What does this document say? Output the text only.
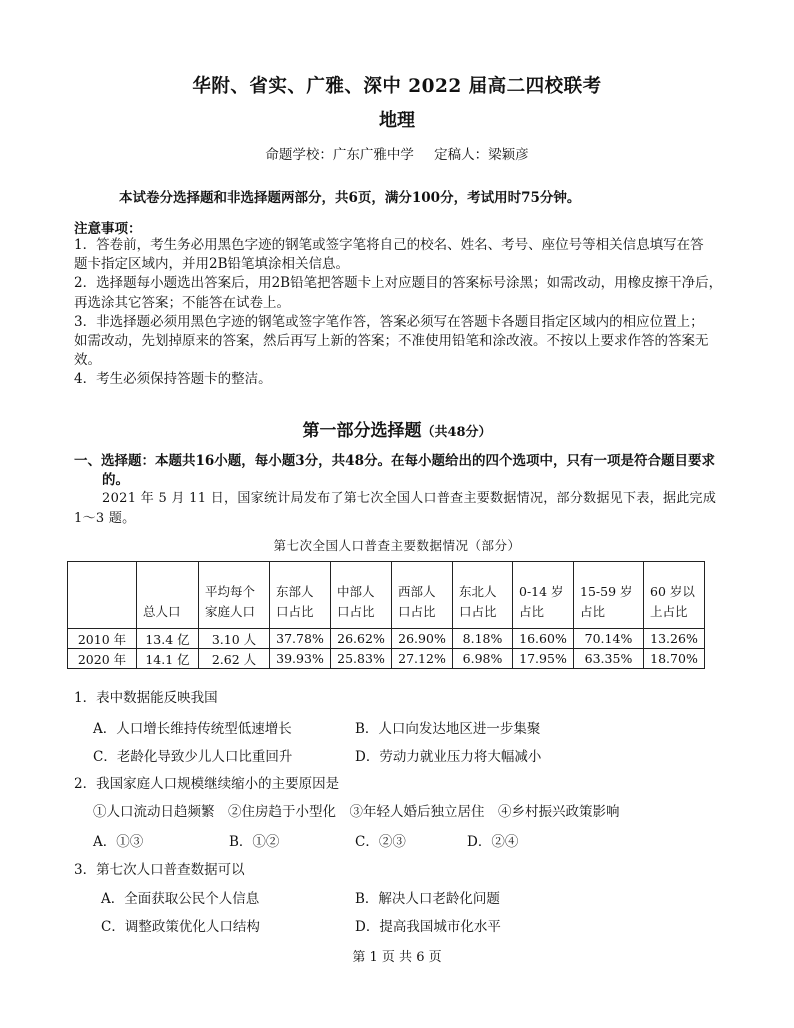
华附、省实、广雅、深中 2022 届高二四校联考
地理
命题学校：广东广雅中学 定稿人：梁颖彦
本试卷分选择题和非选择题两部分，共6页，满分100分，考试用时75分钟。
注意事项：

1．答卷前，考生务必用黑色字迹的钢笔或签字笔将自己的校名、姓名、考号、座位号等相关信息填写在答

题卡指定区域内，并用2B铅笔填涂相关信息。

2．选择题每小题选出答案后，用2B铅笔把答题卡上对应题目的答案标号涂黑；如需改动，用橡皮擦干净后，

再选涂其它答案；不能答在试卷上。

3．非选择题必须用黑色字迹的钢笔或签字笔作答，答案必须写在答题卡各题目指定区域内的相应位置上；

如需改动，先划掉原来的答案，然后再写上新的答案；不准使用铅笔和涂改液。不按以上要求作答的答案无

效。

4．考生必须保持答题卡的整洁。

第一部分选择题（共48分）
一、选择题：本题共16小题，每小题3分，共48分。在每小题给出的四个选项中，只有一项是符合题目要求
的。
2021 年 5 月 11 日，国家统计局发布了第七次全国人口普查主要数据情况，部分数据见下表，据此完成
1～3 题。
第七次全国人口普查主要数据情况（部分）
	总人口	平均每个家庭人口	东部人口占比	中部人口占比	西部人口占比	东北人口占比	0-14 岁占比	15-59 岁占比	60 岁以上占比
2010 年	13.4 亿	3.10 人	37.78%	26.62%	26.90%	8.18%	16.60%	70.14%	13.26%
2020 年	14.1 亿	2.62 人	39.93%	25.83%	27.12%	6.98%	17.95%	63.35%	18.70%
1．表中数据能反映我国
A．人口增长维持传统型低速增长	B．人口向发达地区进一步集聚
C．老龄化导致少儿人口比重回升	D．劳动力就业压力将大幅减小
2．我国家庭人口规模继续缩小的主要原因是
①人口流动日趋频繁　②住房趋于小型化　③年轻人婚后独立居住　④乡村振兴政策影响
A．①③	B．①②	C．②③	D．②④
3．第七次人口普查数据可以
A．全面获取公民个人信息	B．解决人口老龄化问题
C．调整政策优化人口结构	D．提高我国城市化水平
第 1 页 共 6 页
